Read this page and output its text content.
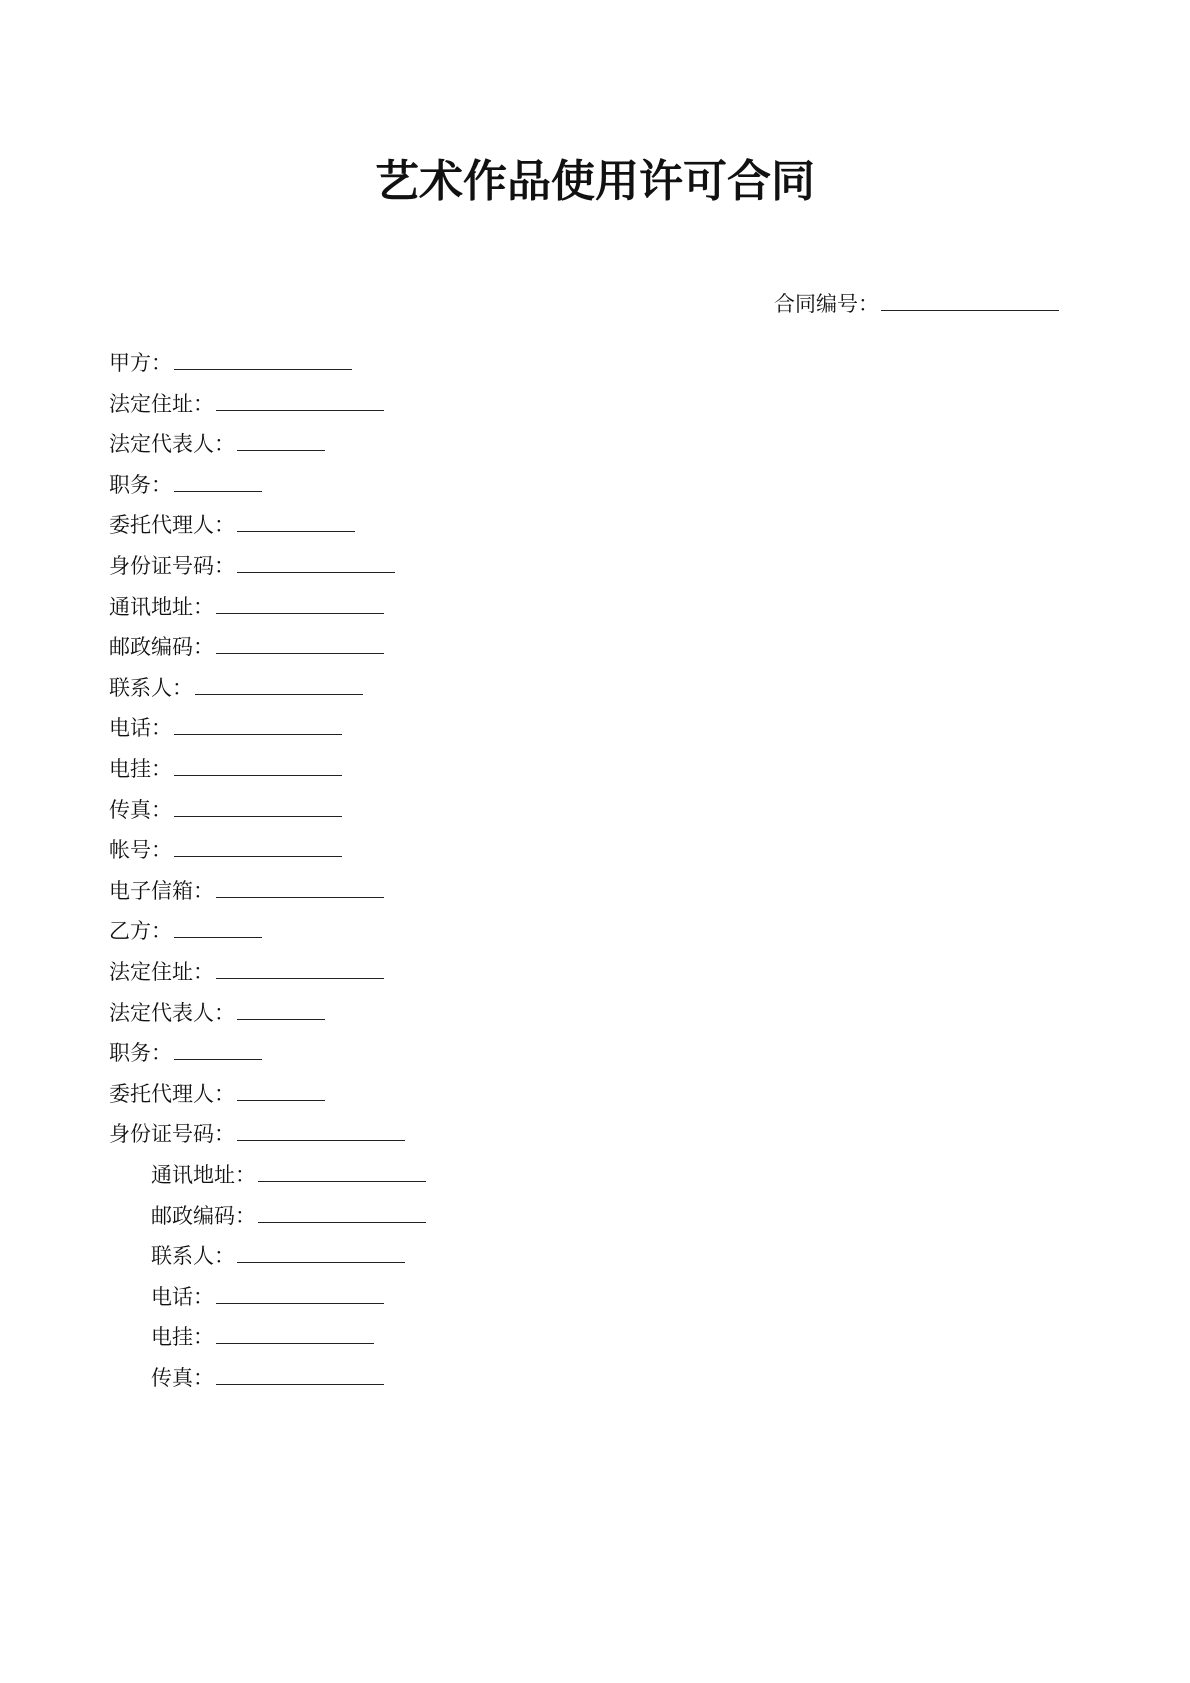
艺术作品使用许可合同
合同编号：
甲方：
法定住址：
法定代表人：
职务：
委托代理人：
身份证号码：
通讯地址：
邮政编码：
联系人：
电话：
电挂：
传真：
帐号：
电子信箱：
乙方：
法定住址：
法定代表人：
职务：
委托代理人：
身份证号码：
通讯地址：
邮政编码：
联系人：
电话：
电挂：
传真：
